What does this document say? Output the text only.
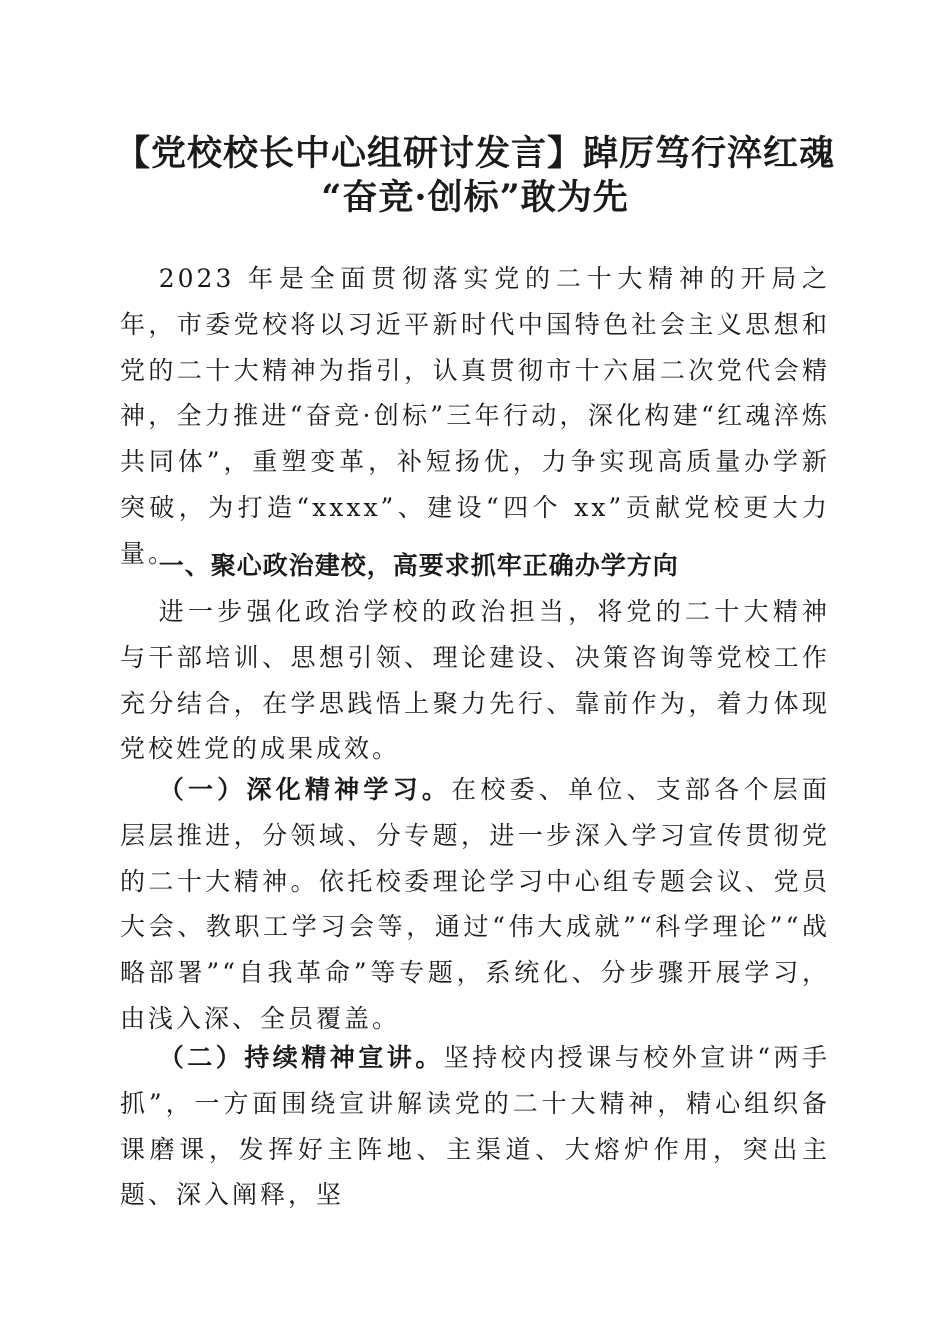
【党校校长中心组研讨发言】踔厉笃行淬红魂
“奋竞·创标”敢为先
2023 年是全面贯彻落实党的二十大精神的开局之年，市委党校将以习近平新时代中国特色社会主义思想和党的二十大精神为指引，认真贯彻市十六届二次党代会精神，全力推进“奋竞·创标”三年行动，深化构建“红魂淬炼共同体”，重塑变革，补短扬优，力争实现高质量办学新突破，为打造“xxxx”、建设“四个 xx”贡献党校更大力量。
一、聚心政治建校，高要求抓牢正确办学方向
进一步强化政治学校的政治担当，将党的二十大精神与干部培训、思想引领、理论建设、决策咨询等党校工作充分结合，在学思践悟上聚力先行、靠前作为，着力体现党校姓党的成果成效。
（一）深化精神学习。在校委、单位、支部各个层面层层推进，分领域、分专题，进一步深入学习宣传贯彻党的二十大精神。依托校委理论学习中心组专题会议、党员大会、教职工学习会等，通过“伟大成就”“科学理论”“战略部署”“自我革命”等专题，系统化、分步骤开展学习，由浅入深、全员覆盖。
（二）持续精神宣讲。坚持校内授课与校外宣讲“两手抓”，一方面围绕宣讲解读党的二十大精神，精心组织备课磨课，发挥好主阵地、主渠道、大熔炉作用，突出主题、深入阐释，坚
